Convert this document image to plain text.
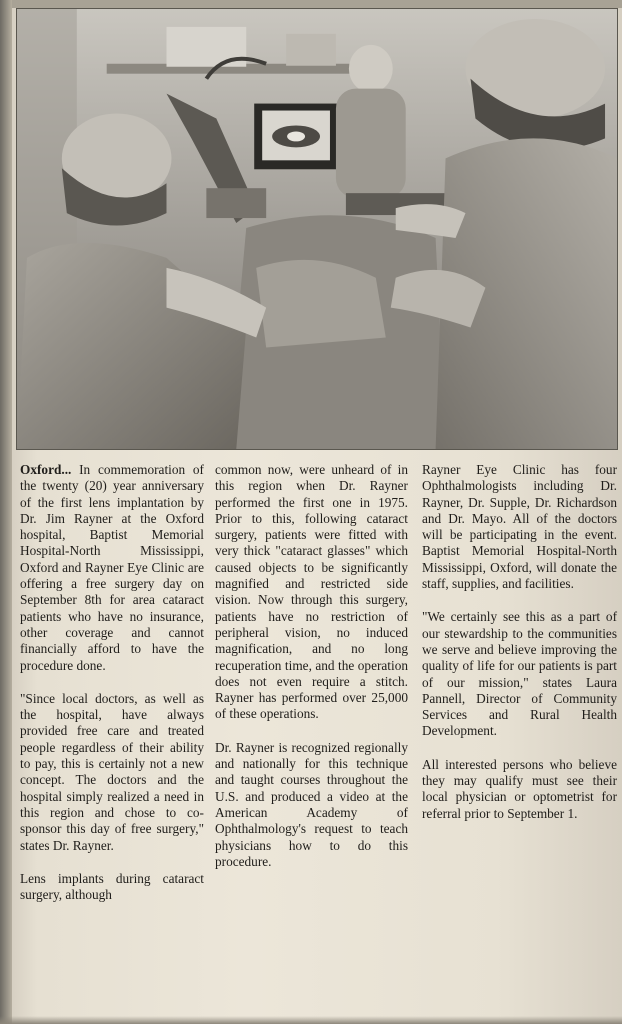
Oxford... In commemoration of the twenty (20) year anniversary of the first lens implantation by Dr. Jim Rayner at the Oxford hospital, Baptist Memorial Hospital-North Mississippi, Oxford and Rayner Eye Clinic are offering a free surgery day on September 8th for area cataract patients who have no insurance, other coverage and cannot financially afford to have the procedure done.

"Since local doctors, as well as the hospital, have always provided free care and treated people regardless of their ability to pay, this is certainly not a new concept. The doctors and the hospital simply realized a need in this region and chose to co-sponsor this day of free surgery," states Dr. Rayner.

Lens implants during cataract surgery, although

common now, were unheard of in this region when Dr. Rayner performed the first one in 1975. Prior to this, following cataract surgery, patients were fitted with very thick "cataract glasses" which caused objects to be significantly magnified and restricted side vision. Now through this surgery, patients have no restriction of peripheral vision, no induced magnification, and no long recuperation time, and the operation does not even require a stitch. Rayner has performed over 25,000 of these operations.

Dr. Rayner is recognized regionally and nationally for this technique and taught courses throughout the U.S. and produced a video at the American Academy of Ophthalmology's request to teach physicians how to do this procedure.

Rayner Eye Clinic has four Ophthalmologists including Dr. Rayner, Dr. Supple, Dr. Richardson and Dr. Mayo. All of the doctors will be participating in the event. Baptist Memorial Hospital-North Mississippi, Oxford, will donate the staff, supplies, and facilities.

"We certainly see this as a part of our stewardship to the communities we serve and believe improving the quality of life for our patients is part of our mission," states Laura Pannell, Director of Community Services and Rural Health Development.

All interested persons who believe they may qualify must see their local physician or optometrist for referral prior to September 1.
